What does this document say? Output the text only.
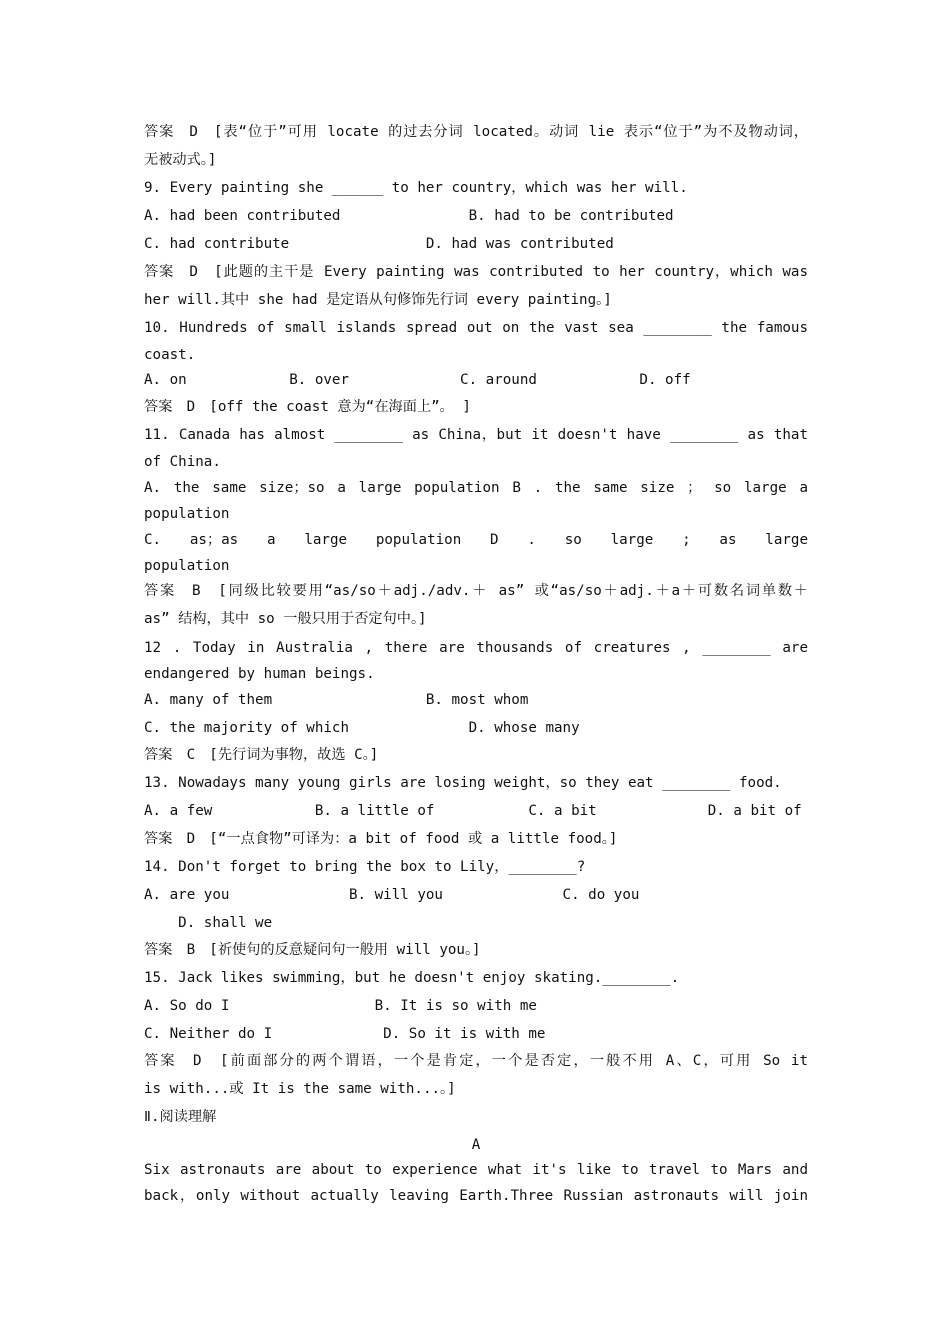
答案　D　[表“位于”可用 locate 的过去分词 located。动词 lie 表示“位于”为不及物动词，
无被动式。]
9. Every painting she ______ to her country，which was her will.
A. had been contributed               B. had to be contributed
C. had contribute                D. had was contributed
答案　D　[此题的主干是 Every painting was contributed to her country，which was
her will.其中 she had 是定语从句修饰先行词 every painting。]
10. Hundreds of small islands spread out on the vast sea ________ the famous
coast.
A. on            B. over             C. around            D. off
答案　D　[off the coast 意为“在海面上”。 ]
11. Canada has almost ________ as China，but it doesn't have ________ as that
of China.
A. the same size；so a large population B . the same size ； so large a
population
C. as；as a large population D . so large ; as large
population
答案　B　[同级比较要用“as/so＋adj./adv.＋ as” 或“as/so＋adj.＋a＋可数名词单数＋
as” 结构，其中 so 一般只用于否定句中。]
12 . Today in Australia , there are thousands of creatures , ________ are
endangered by human beings.
A. many of them                  B. most whom
C. the majority of which              D. whose many
答案　C　[先行词为事物，故选 C。]
13. Nowadays many young girls are losing weight，so they eat ________ food.
A. a few            B. a little of           C. a bit             D. a bit of
答案　D　[“一点食物”可译为：a bit of food 或 a little food。]
14. Don't forget to bring the box to Lily，________?
A. are you              B. will you              C. do you
D. shall we
答案　B　[祈使句的反意疑问句一般用 will you。]
15. Jack likes swimming，but he doesn't enjoy skating.________.
A. So do I                 B. It is so with me
C. Neither do I             D. So it is with me
答案　D　[前面部分的两个谓语，一个是肯定，一个是否定，一般不用 A、C，可用 So it
is with...或 It is the same with...。]
Ⅱ.阅读理解
A
Six astronauts are about to experience what it's like to travel to Mars and
back，only without actually leaving Earth.Three Russian astronauts will join
